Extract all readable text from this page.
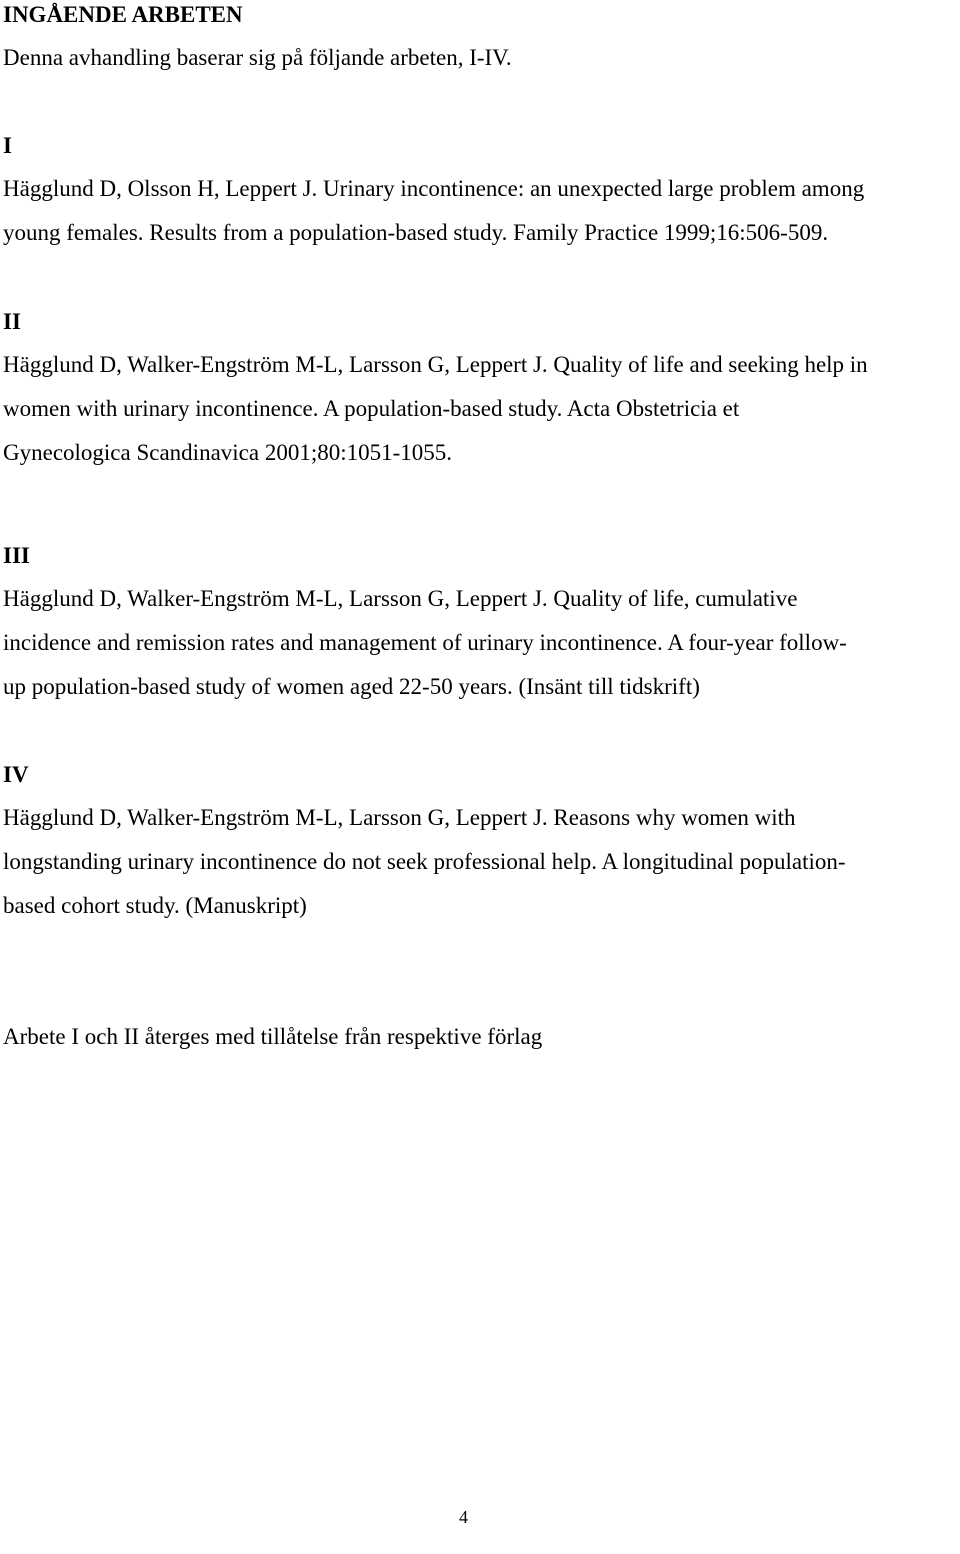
INGÅENDE ARBETEN
Denna avhandling baserar sig på följande arbeten, I-IV.
I
Hägglund D, Olsson H, Leppert J. Urinary incontinence: an unexpected large problem among
young females. Results from a population-based study. Family Practice 1999;16:506-509.
II
Hägglund D, Walker-Engström M-L, Larsson G, Leppert J. Quality of life and seeking help in
women with urinary incontinence. A population-based study. Acta Obstetricia et
Gynecologica Scandinavica 2001;80:1051-1055.
III
Hägglund D, Walker-Engström M-L, Larsson G, Leppert J. Quality of life, cumulative
incidence and remission rates and management of urinary incontinence. A four-year follow-
up population-based study of women aged 22-50 years. (Insänt till tidskrift)
IV
Hägglund D, Walker-Engström M-L, Larsson G, Leppert J. Reasons why women with
longstanding urinary incontinence do not seek professional help. A longitudinal population-
based cohort study. (Manuskript)
Arbete I och II återges med tillåtelse från respektive förlag
4
